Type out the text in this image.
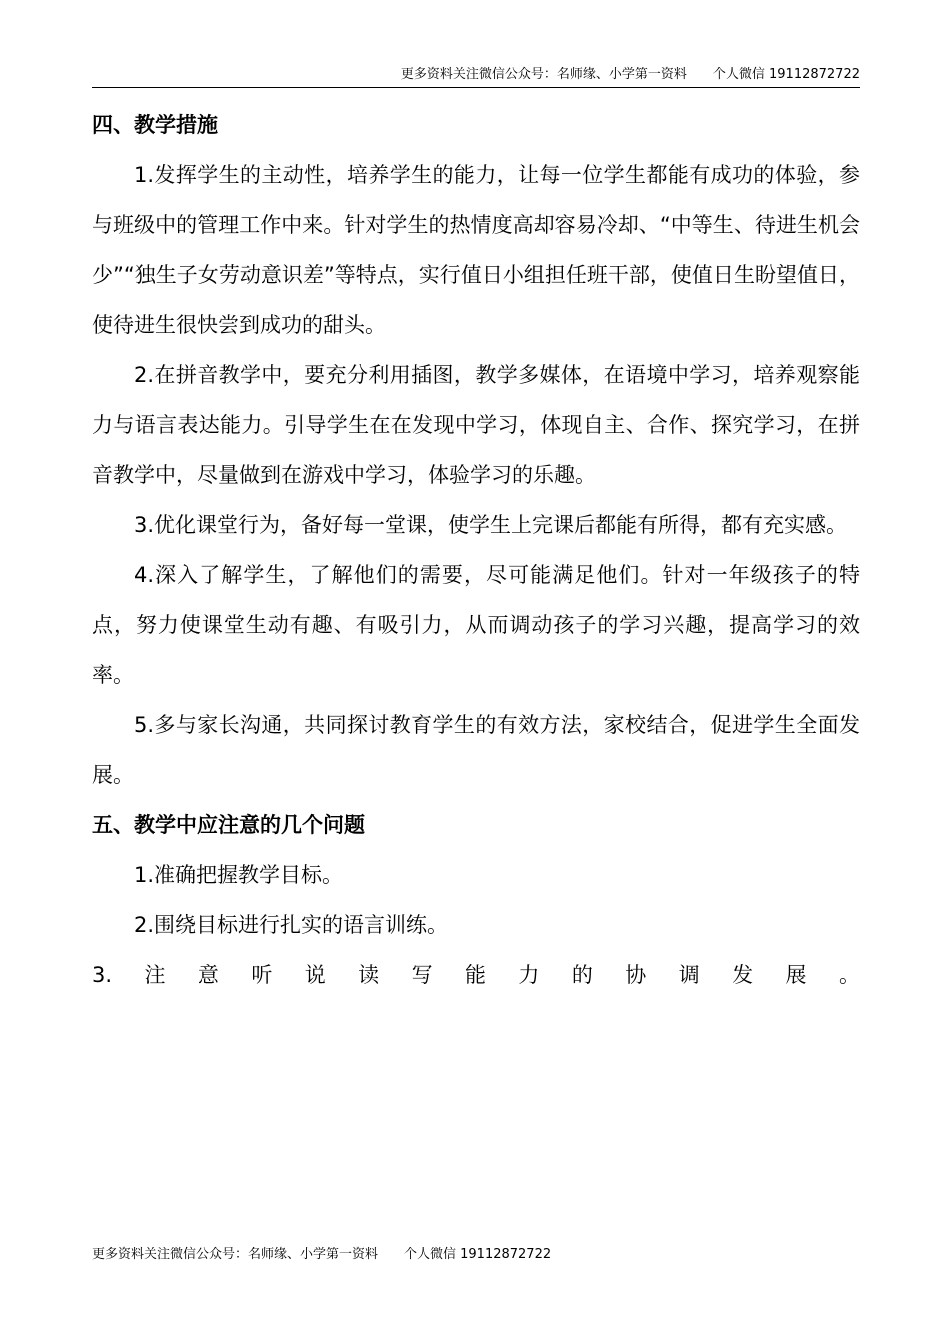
更多资料关注微信公众号：名师缘、小学第一资料　　个人微信 19112872722
四、教学措施

1.发挥学生的主动性，培养学生的能力，让每一位学生都能有成功的体验，参与班级中的管理工作中来。针对学生的热情度高却容易冷却、“中等生、待进生机会少”“独生子女劳动意识差”等特点，实行值日小组担任班干部，使值日生盼望值日，使待进生很快尝到成功的甜头。

2.在拼音教学中，要充分利用插图，教学多媒体，在语境中学习，培养观察能力与语言表达能力。引导学生在在发现中学习，体现自主、合作、探究学习，在拼音教学中，尽量做到在游戏中学习，体验学习的乐趣。

3.优化课堂行为，备好每一堂课，使学生上完课后都能有所得，都有充实感。

4.深入了解学生，了解他们的需要，尽可能满足他们。针对一年级孩子的特点，努力使课堂生动有趣、有吸引力，从而调动孩子的学习兴趣，提高学习的效率。

5.多与家长沟通，共同探讨教育学生的有效方法，家校结合，促进学生全面发展。

五、教学中应注意的几个问题

1.准确把握教学目标。

2.围绕目标进行扎实的语言训练。

3. 注 意 听 说 读 写 能 力 的 协 调 发 展 。
更多资料关注微信公众号：名师缘、小学第一资料　　个人微信 19112872722
